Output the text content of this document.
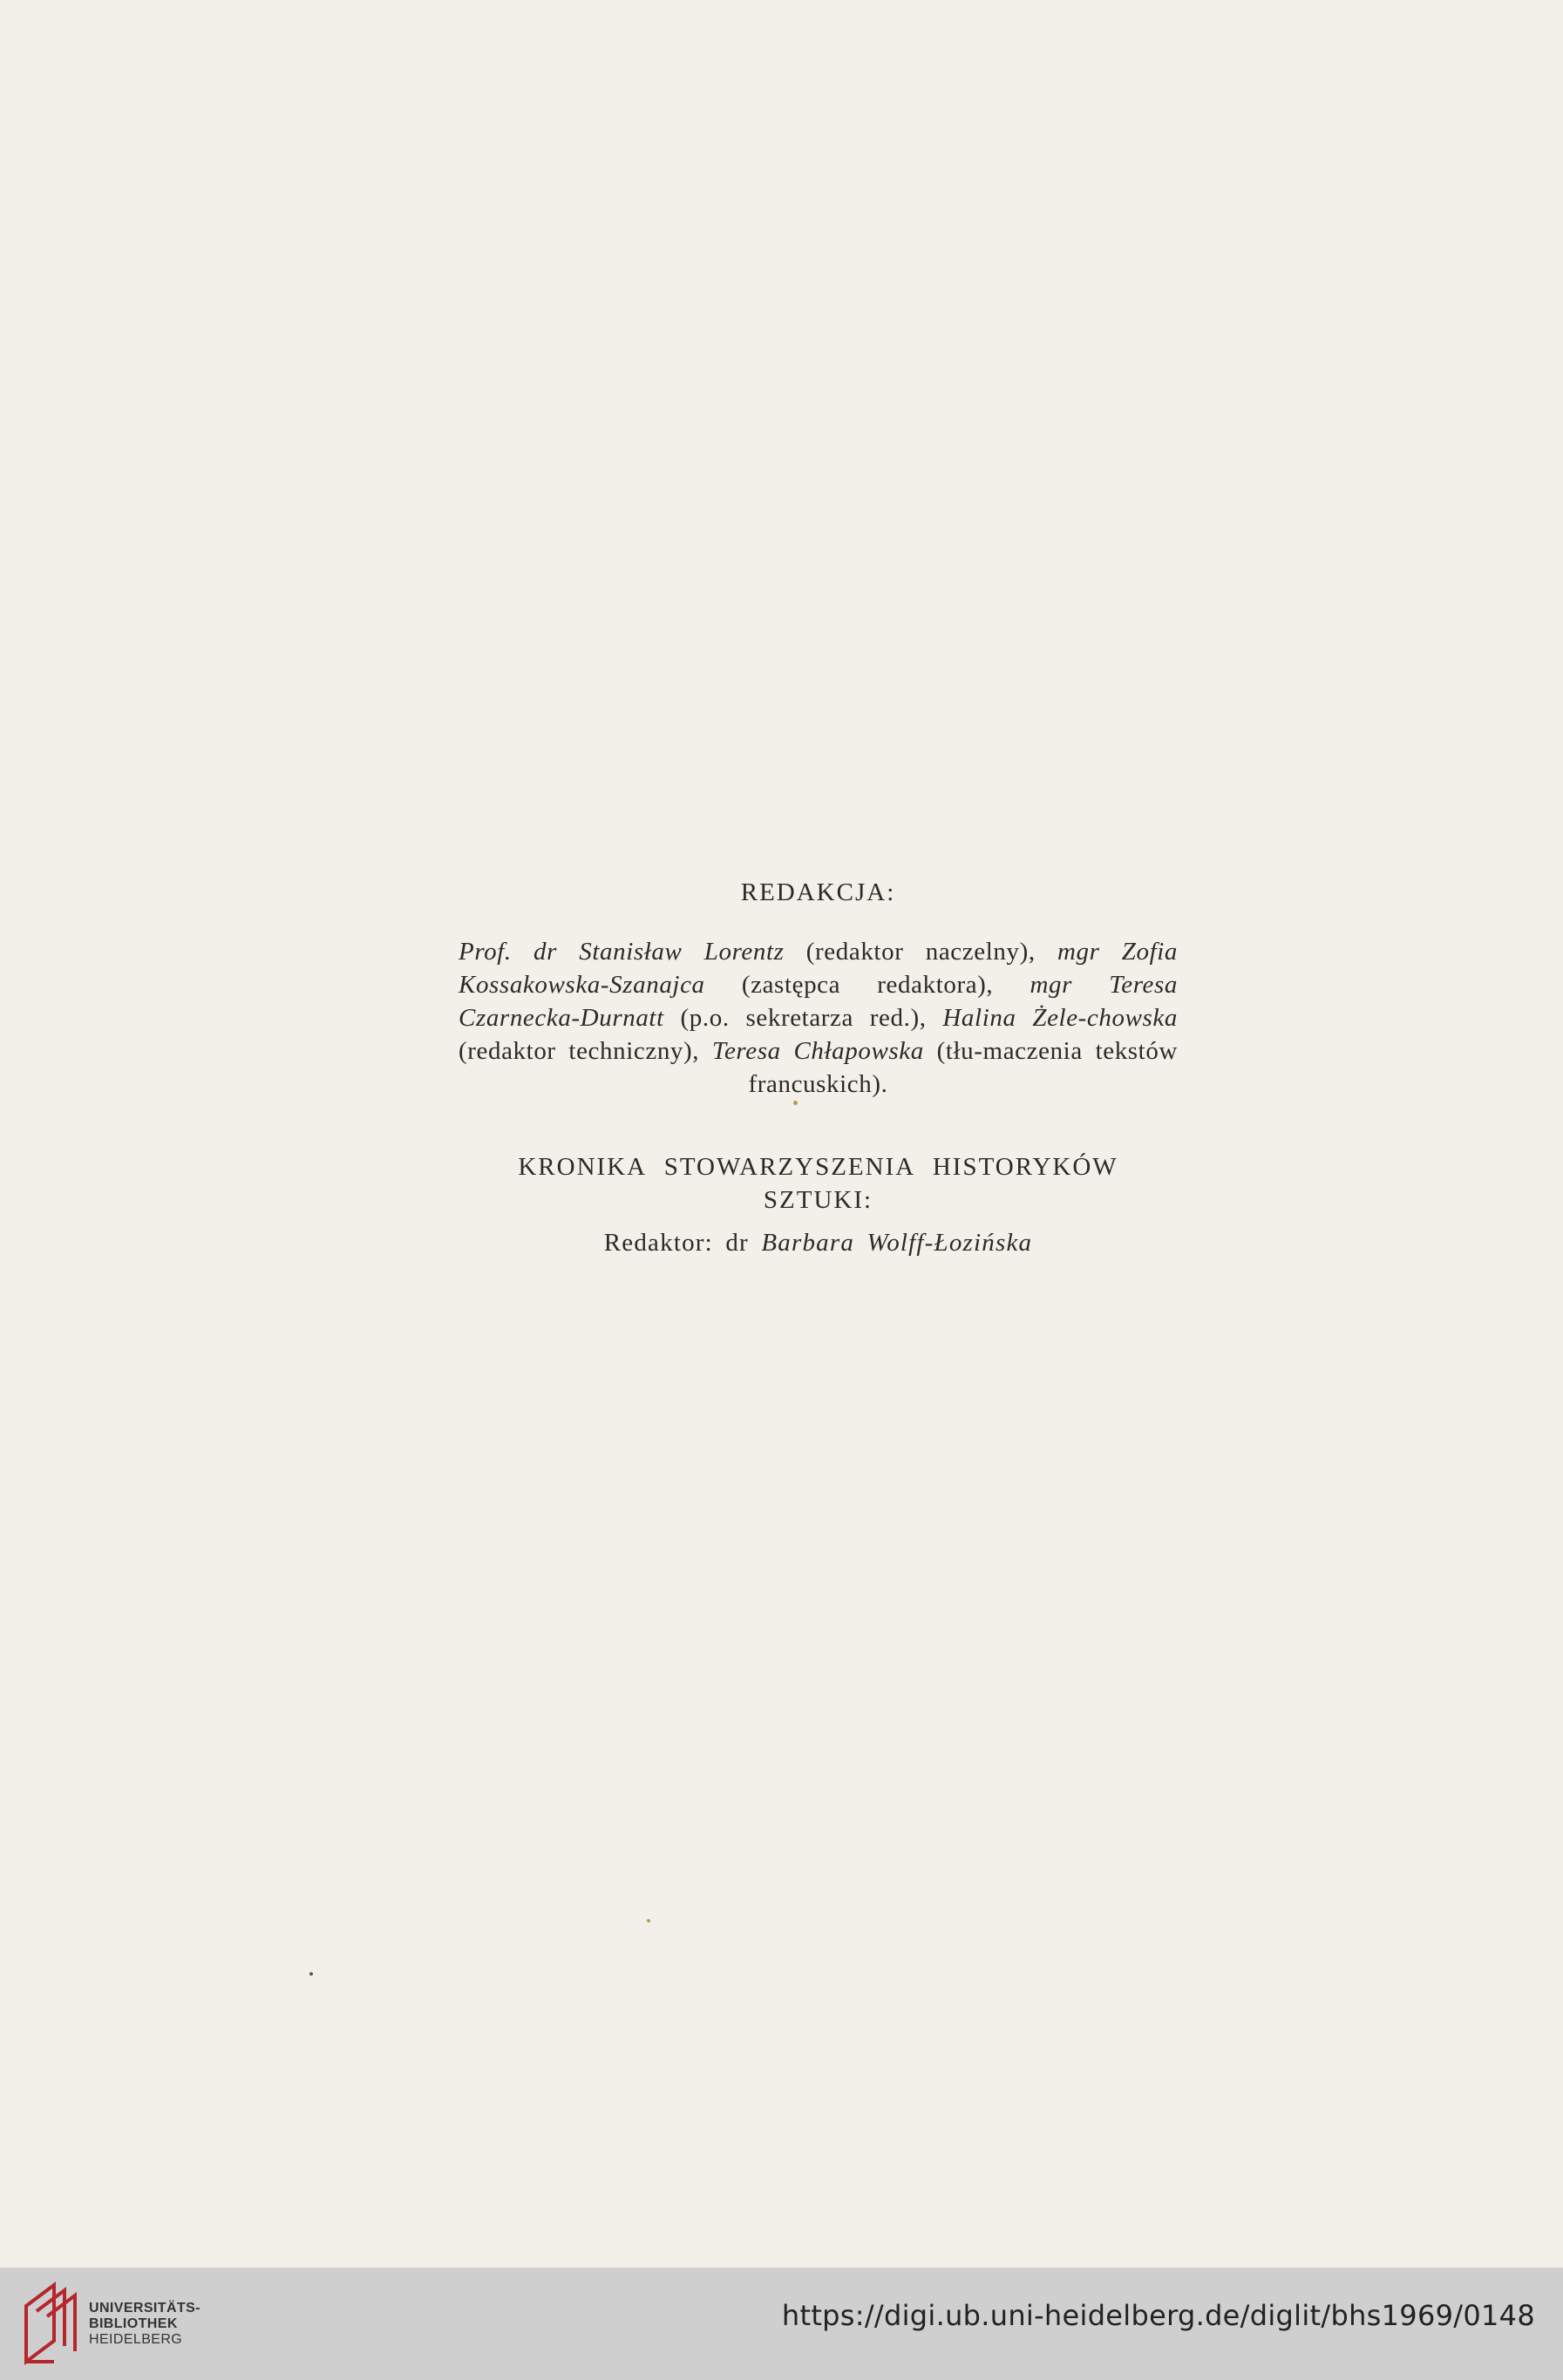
REDAKCJA:
Prof. dr Stanisław Lorentz (redaktor naczelny), mgr Zofia Kossakowska-Szanajca (zastępca redaktora), mgr Teresa Czarnecka-Durnatt (p.o. sekretarza red.), Halina Żele-chowska (redaktor techniczny), Teresa Chłapowska (tłu-maczenia tekstów francuskich).
KRONIKA STOWARZYSZENIA HISTORYKÓW
SZTUKI:
Redaktor: dr Barbara Wolff-Łozińska
UNIVERSITÄTS-
BIBLIOTHEK
HEIDELBERG
https://digi.ub.uni-heidelberg.de/diglit/bhs1969/0148
